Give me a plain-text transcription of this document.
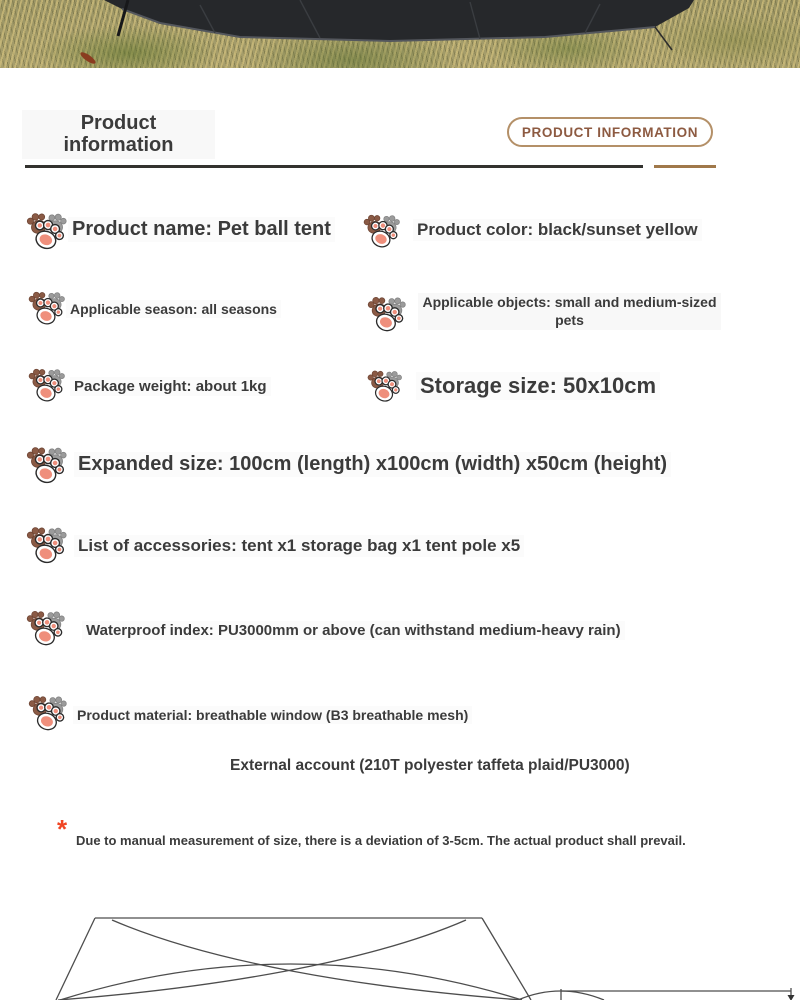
Product
information
PRODUCT INFORMATION
Product name: Pet ball tent	Product color: black/sunset yellow
Applicable season: all seasons	Applicable objects: small and medium-sized pets
Package weight: about 1kg	Storage size: 50x10cm
Expanded size: 100cm (length) x100cm (width) x50cm (height)
List of accessories: tent x1 storage bag x1 tent pole x5
Waterproof index: PU3000mm or above (can withstand medium-heavy rain)
Product material: breathable window (B3 breathable mesh)
External account (210T polyester taffeta plaid/PU3000)
* Due to manual measurement of size, there is a deviation of 3-5cm. The actual product shall prevail.
